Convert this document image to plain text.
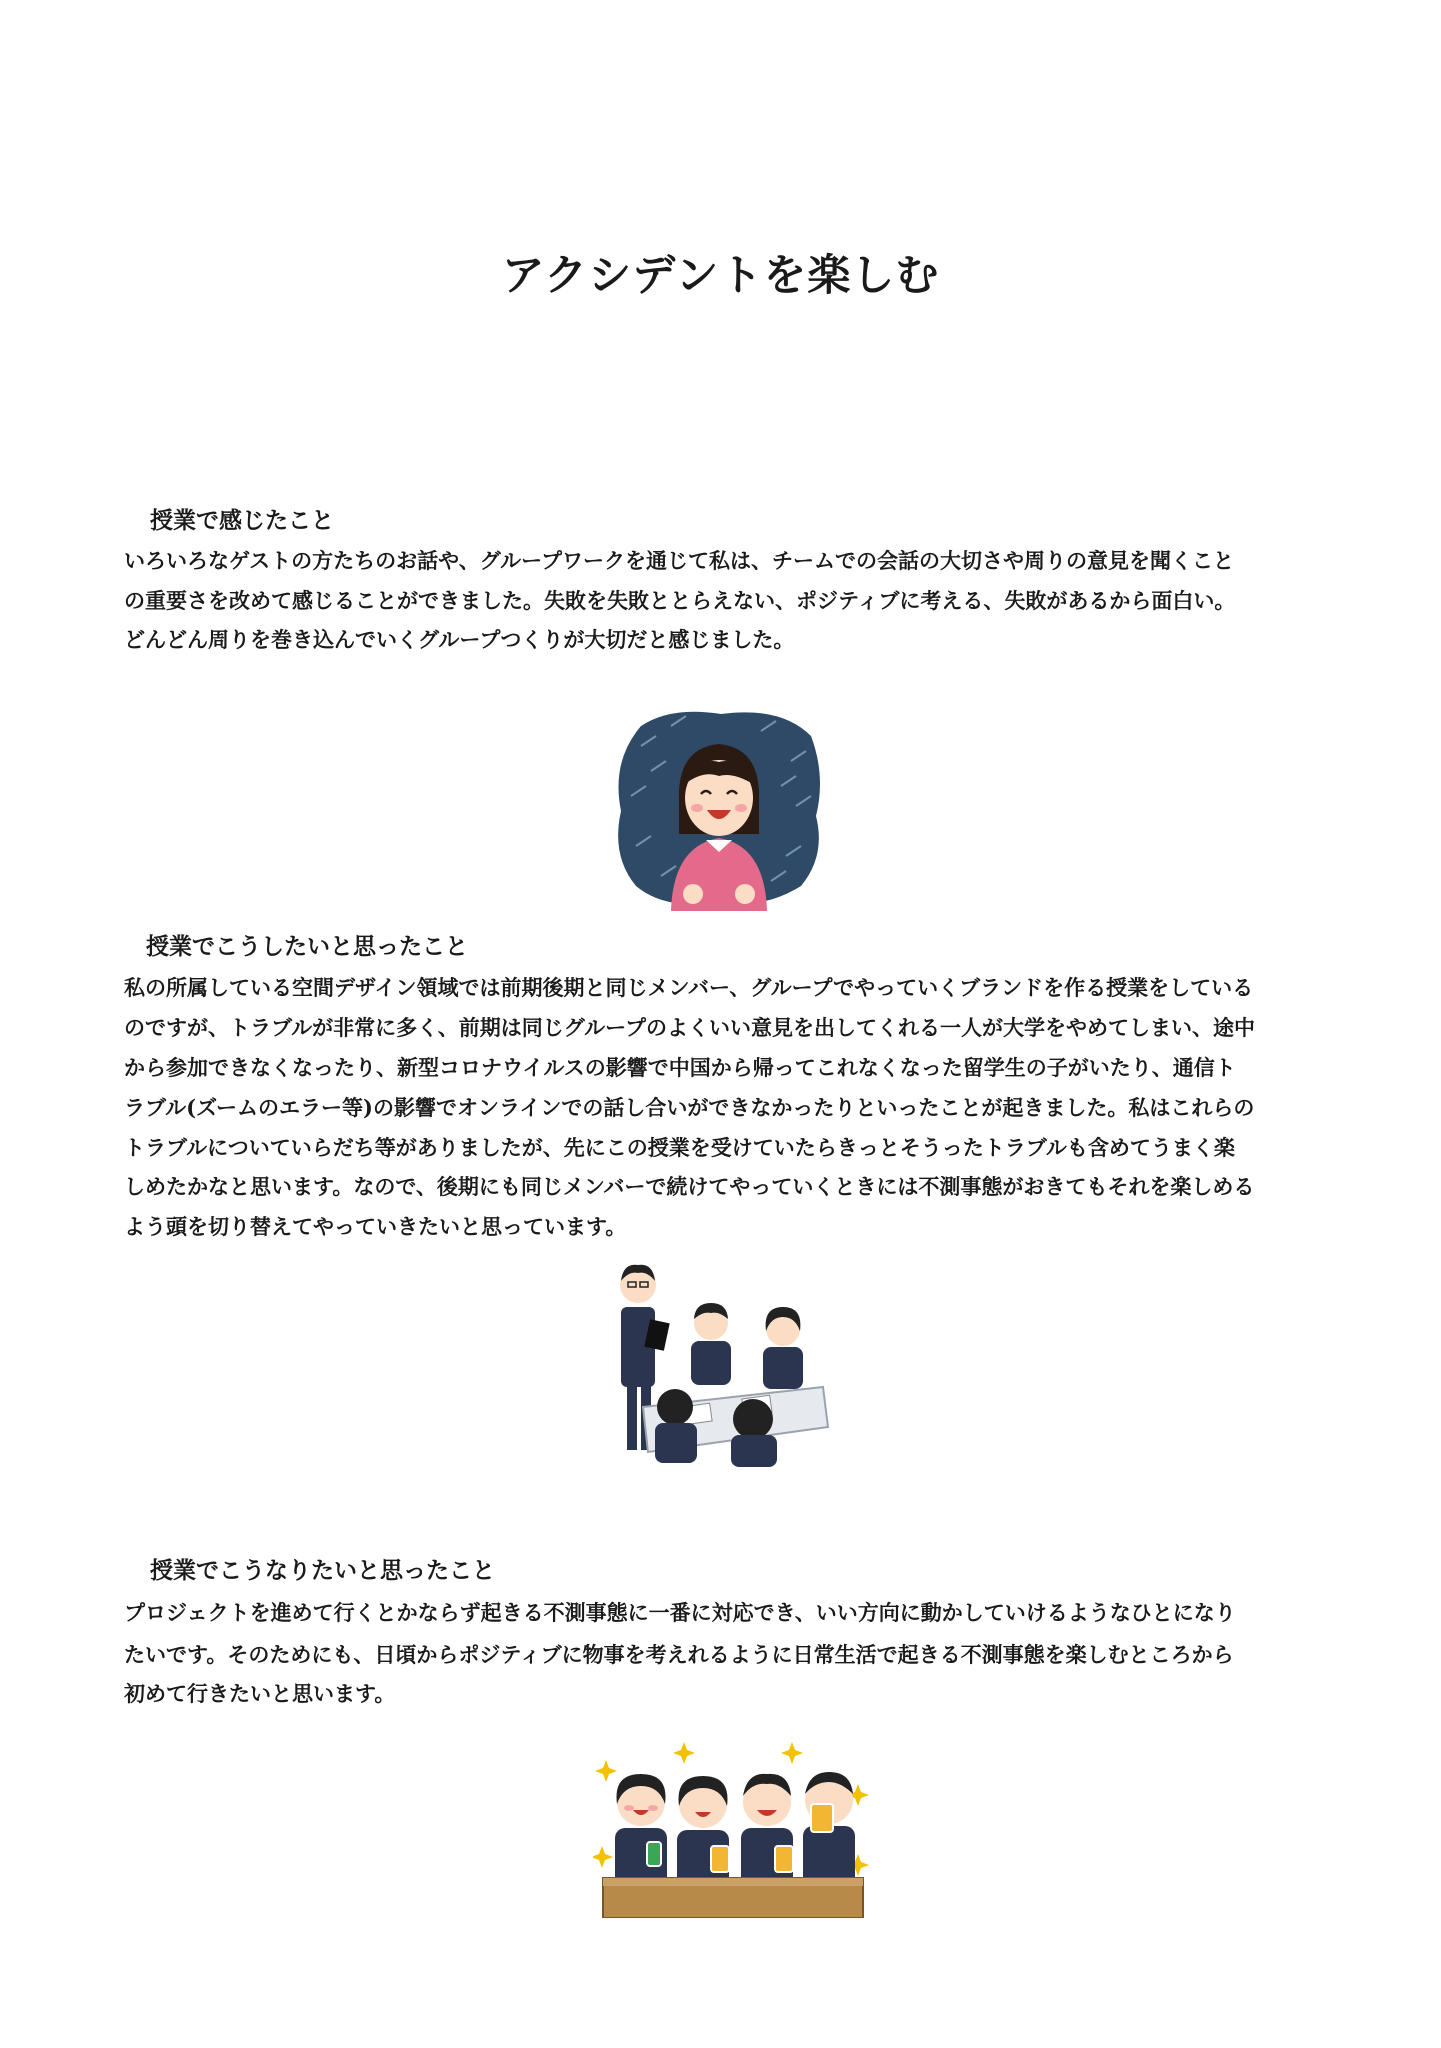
アクシデントを楽しむ
授業で感じたこと

いろいろなゲストの方たちのお話や、グループワークを通じて私は、チームでの会話の大切さや周りの意見を聞くこと

の重要さを改めて感じることができました。失敗を失敗ととらえない、ポジティブに考える、失敗があるから面白い。

どんどん周りを巻き込んでいくグループつくりが大切だと感じました。

授業でこうしたいと思ったこと

私の所属している空間デザイン領域では前期後期と同じメンバー、グループでやっていくブランドを作る授業をしている

のですが、トラブルが非常に多く、前期は同じグループのよくいい意見を出してくれる一人が大学をやめてしまい、途中

から参加できなくなったり、新型コロナウイルスの影響で中国から帰ってこれなくなった留学生の子がいたり、通信ト

ラブル(ズームのエラー等)の影響でオンラインでの話し合いができなかったりといったことが起きました。私はこれらの

トラブルについていらだち等がありましたが、先にこの授業を受けていたらきっとそうったトラブルも含めてうまく楽

しめたかなと思います。なので、後期にも同じメンバーで続けてやっていくときには不測事態がおきてもそれを楽しめる

よう頭を切り替えてやっていきたいと思っています。

授業でこうなりたいと思ったこと

プロジェクトを進めて行くとかならず起きる不測事態に一番に対応でき、いい方向に動かしていけるようなひとになり

たいです。そのためにも、日頃からポジティブに物事を考えれるように日常生活で起きる不測事態を楽しむところから

初めて行きたいと思います。
